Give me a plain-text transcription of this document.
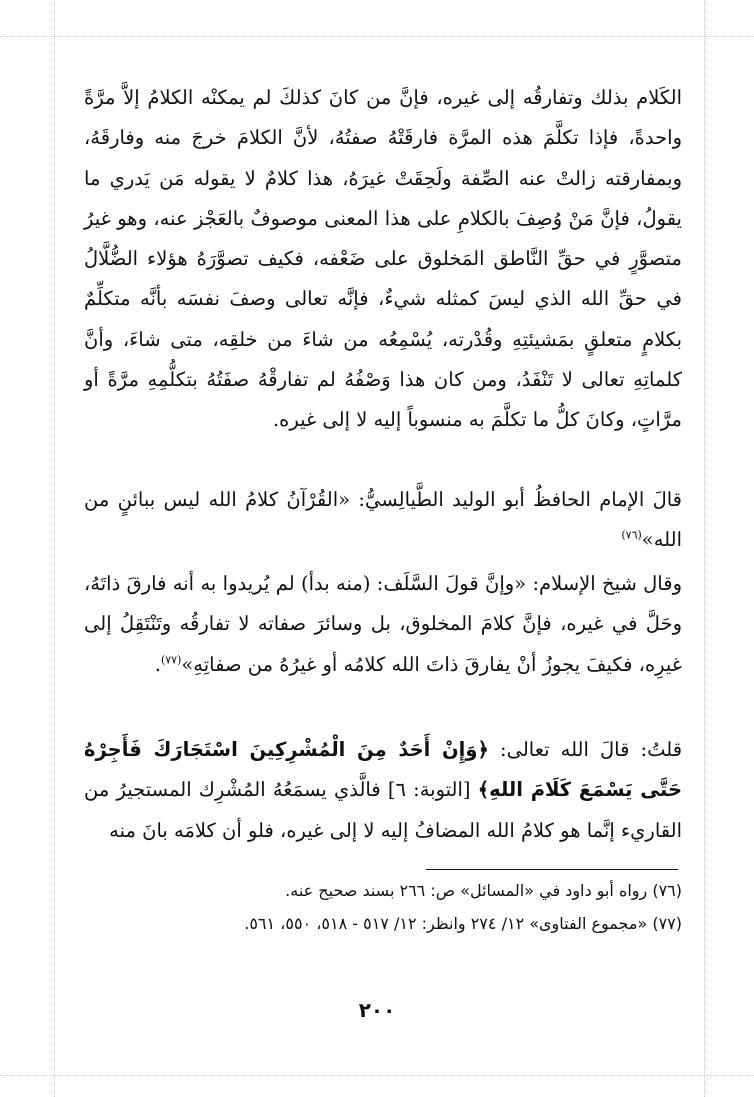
الكَلام بذلك وتفارقُه إلى غيره، فإنَّ من كانَ كذلكَ لم يمكنْه الكلامُ إلاَّ مرَّةً واحدةً، فإذا تكلَّمَ هذه المرَّة فارقَتْهُ صفتُهُ، لأنَّ الكلامَ خرجَ منه وفارقَهُ، وبمفارقته زالتْ عنه الصِّفة ولَحِقَتْ غيرَهُ، هذا كلامٌ لا يقوله مَن يَدري ما يقولُ، فإنَّ مَنْ وُصِفَ بالكلامِ على هذا المعنى موصوفٌ بالعَجْز عنه، وهو غيرُ متصوَّرٍ في حقِّ النَّاطق المَخلوق على ضَعْفه، فكيف تصوَّرَهُ هؤلاء الضُّلَّالُ في حقِّ الله الذي ليسَ كمثله شيءٌ، فإنَّه تعالى وصفَ نفسَه بأنَّه متكلِّمٌ بكلامٍ متعلقٍ بمَشيئتِهِ وقُدْرته، يُسْمِعُه من شاءَ من خلقِه، متى شاءَ، وأنَّ كلماتِهِ تعالى لا تَنْفَدُ، ومن كان هذا وَصْفُهُ لم تفارقْهُ صفَتُهُ بتكلُّمِهِ مرَّةً أو مرَّاتٍ، وكانَ كلُّ ما تكلَّمَ به منسوباً إليه لا إلى غيره.

قالَ الإمام الحافظُ أبو الوليد الطَّيالِسيُّ: «القُرْآنُ كلامُ الله ليس ببائنٍ من الله»$^{(٧٦)}$

وقال شيخ الإسلام: «وإنَّ قولَ السَّلَف: (منه بدأ) لم يُريدوا به أنه فارقَ ذاتَهُ، وحَلَّ في غيره، فإنَّ كلامَ المخلوق، بل وسائرَ صفاته لا تفارقُه وتَنْتَقِلُ إلى غيرِه، فكيفَ يجوزُ أنْ يفارقَ ذاتَ الله كلامُه أو غيرُهُ من صفاتِهِ»$^{(٧٧)}$.

قلتُ: قالَ الله تعالى: ﴿وَإِنْ أَحَدٌ مِنَ الْمُشْرِكِينَ اسْتَجَارَكَ فَأَجِرْهُ حَتَّى يَسْمَعَ كَلَامَ اللهِ﴾ [التوبة: ٦] فالَّذي يسمَعُهُ المُشْرِك المستجيرُ من القاريء إنَّما هو كلامُ الله المضافُ إليه لا إلى غيره، فلو أن كلامَه بانَ منه

(٧٦) رواه أبو داود في «المسائل» ص: ٢٦٦ بسند صحيح عنه.

(٧٧) «مجموع الفتاوى» ١٢/ ٢٧٤ وانظر: ١٢/ ٥١٧ - ٥١٨، ٥٥٠، ٥٦١.

٢٠٠
